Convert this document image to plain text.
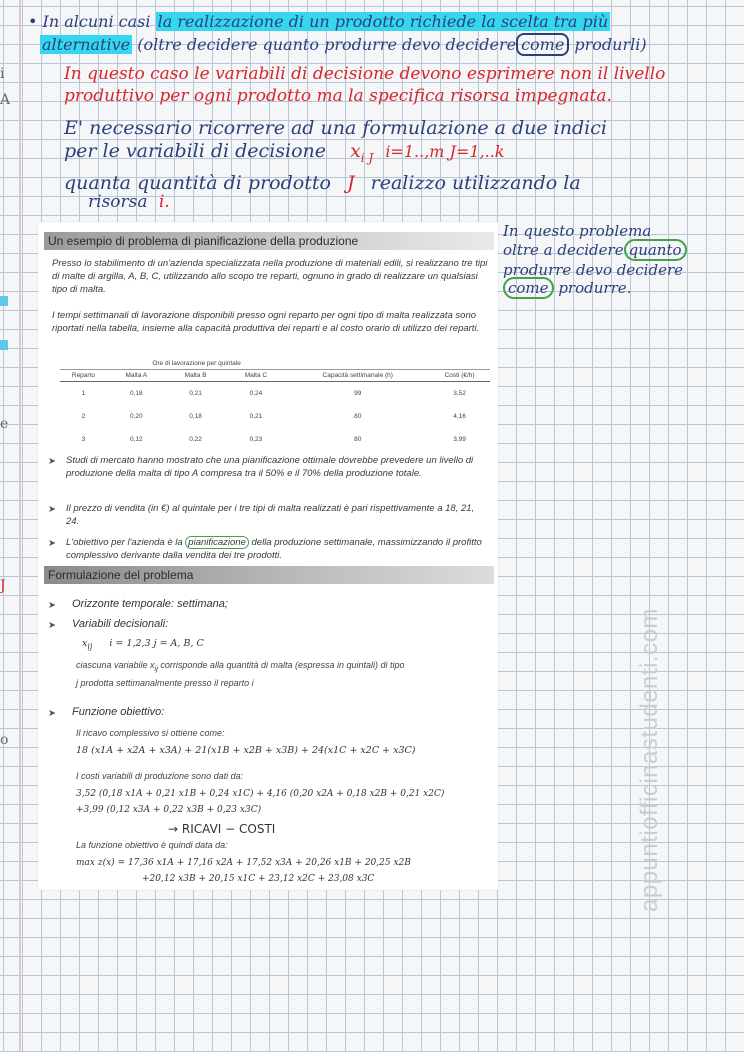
i
A
e
J
o
• In alcuni casi la realizzazione di un prodotto richiede la scelta tra più
alternative (oltre decidere quanto produrre devo decidere come produrli)
In questo caso le variabili di decisione devono esprimere non il livello
produttivo per ogni prodotto ma la specifica risorsa impegnata.
E' necessario ricorrere ad una formulazione a due indici
per le variabili di decisione $x_{i J}$ i=1..,m J=1,..k
quanta quantità di prodotto J realizzo utilizzando la
risorsa i.
In questo problema
oltre a decidere quanto
produrre devo decidere
come produrre.
Un esempio di problema di pianificazione della produzione
Presso lo stabilimento di un'azienda specializzata nella produzione di materiali edili, si realizzano tre tipi di malte di argilla, A, B, C, utilizzando allo scopo tre reparti, ognuno in grado di realizzare un qualsiasi tipo di malta.
I tempi settimanali di lavorazione disponibili presso ogni reparto per ogni tipo di malta realizzata sono riportati nella tabella, insieme alla capacità produttiva dei reparti e al costo orario di utilizzo dei reparti.
	Ore di lavorazione per quintale				
Reparto	Malta A	Malta B	Malta C	Capacità settimanale (h)	Costi (€/h)
1	0,18	0,21	0,24	99	3,52
2	0,20	0,18	0,21	80	4,16
3	0,12	0,22	0,23	80	3,99
➤ Studi di mercato hanno mostrato che una pianificazione ottimale dovrebbe prevedere un livello di produzione della malta di tipo A compresa tra il 50% e il 70% della produzione totale.
➤ Il prezzo di vendita (in €) al quintale per i tre tipi di malta realizzati è pari rispettivamente a 18, 21, 24.
➤ L'obiettivo per l'azienda è la pianificazione della produzione settimanale, massimizzando il profitto complessivo derivante dalla vendita dei tre prodotti.
Formulazione del problema
➤ Orizzonte temporale: settimana;
➤ Variabili decisionali:
$x_{ij}$ i = 1,2,3 j = A, B, C
ciascuna variabile $x_{ij}$ corrisponde alla quantità di malta (espressa in quintali) di tipo
j prodotta settimanalmente presso il reparto i
➤ Funzione obiettivo:
Il ricavo complessivo si ottiene come:
18 (x1A + x2A + x3A) + 21(x1B + x2B + x3B) + 24(x1C + x2C + x3C)
I costi variabili di produzione sono dati da:
3,52 (0,18 x1A + 0,21 x1B + 0,24 x1C) + 4,16 (0,20 x2A + 0,18 x2B + 0,21 x2C)
+3,99 (0,12 x3A + 0,22 x3B + 0,23 x3C)
→ RICAVI − COSTI
La funzione obiettivo è quindi data da:
max z(x) = 17,36 x1A + 17,16 x2A + 17,52 x3A + 20,26 x1B + 20,25 x2B
+20,12 x3B + 20,15 x1C + 23,12 x2C + 23,08 x3C	appuntiofficinastudenti.com
